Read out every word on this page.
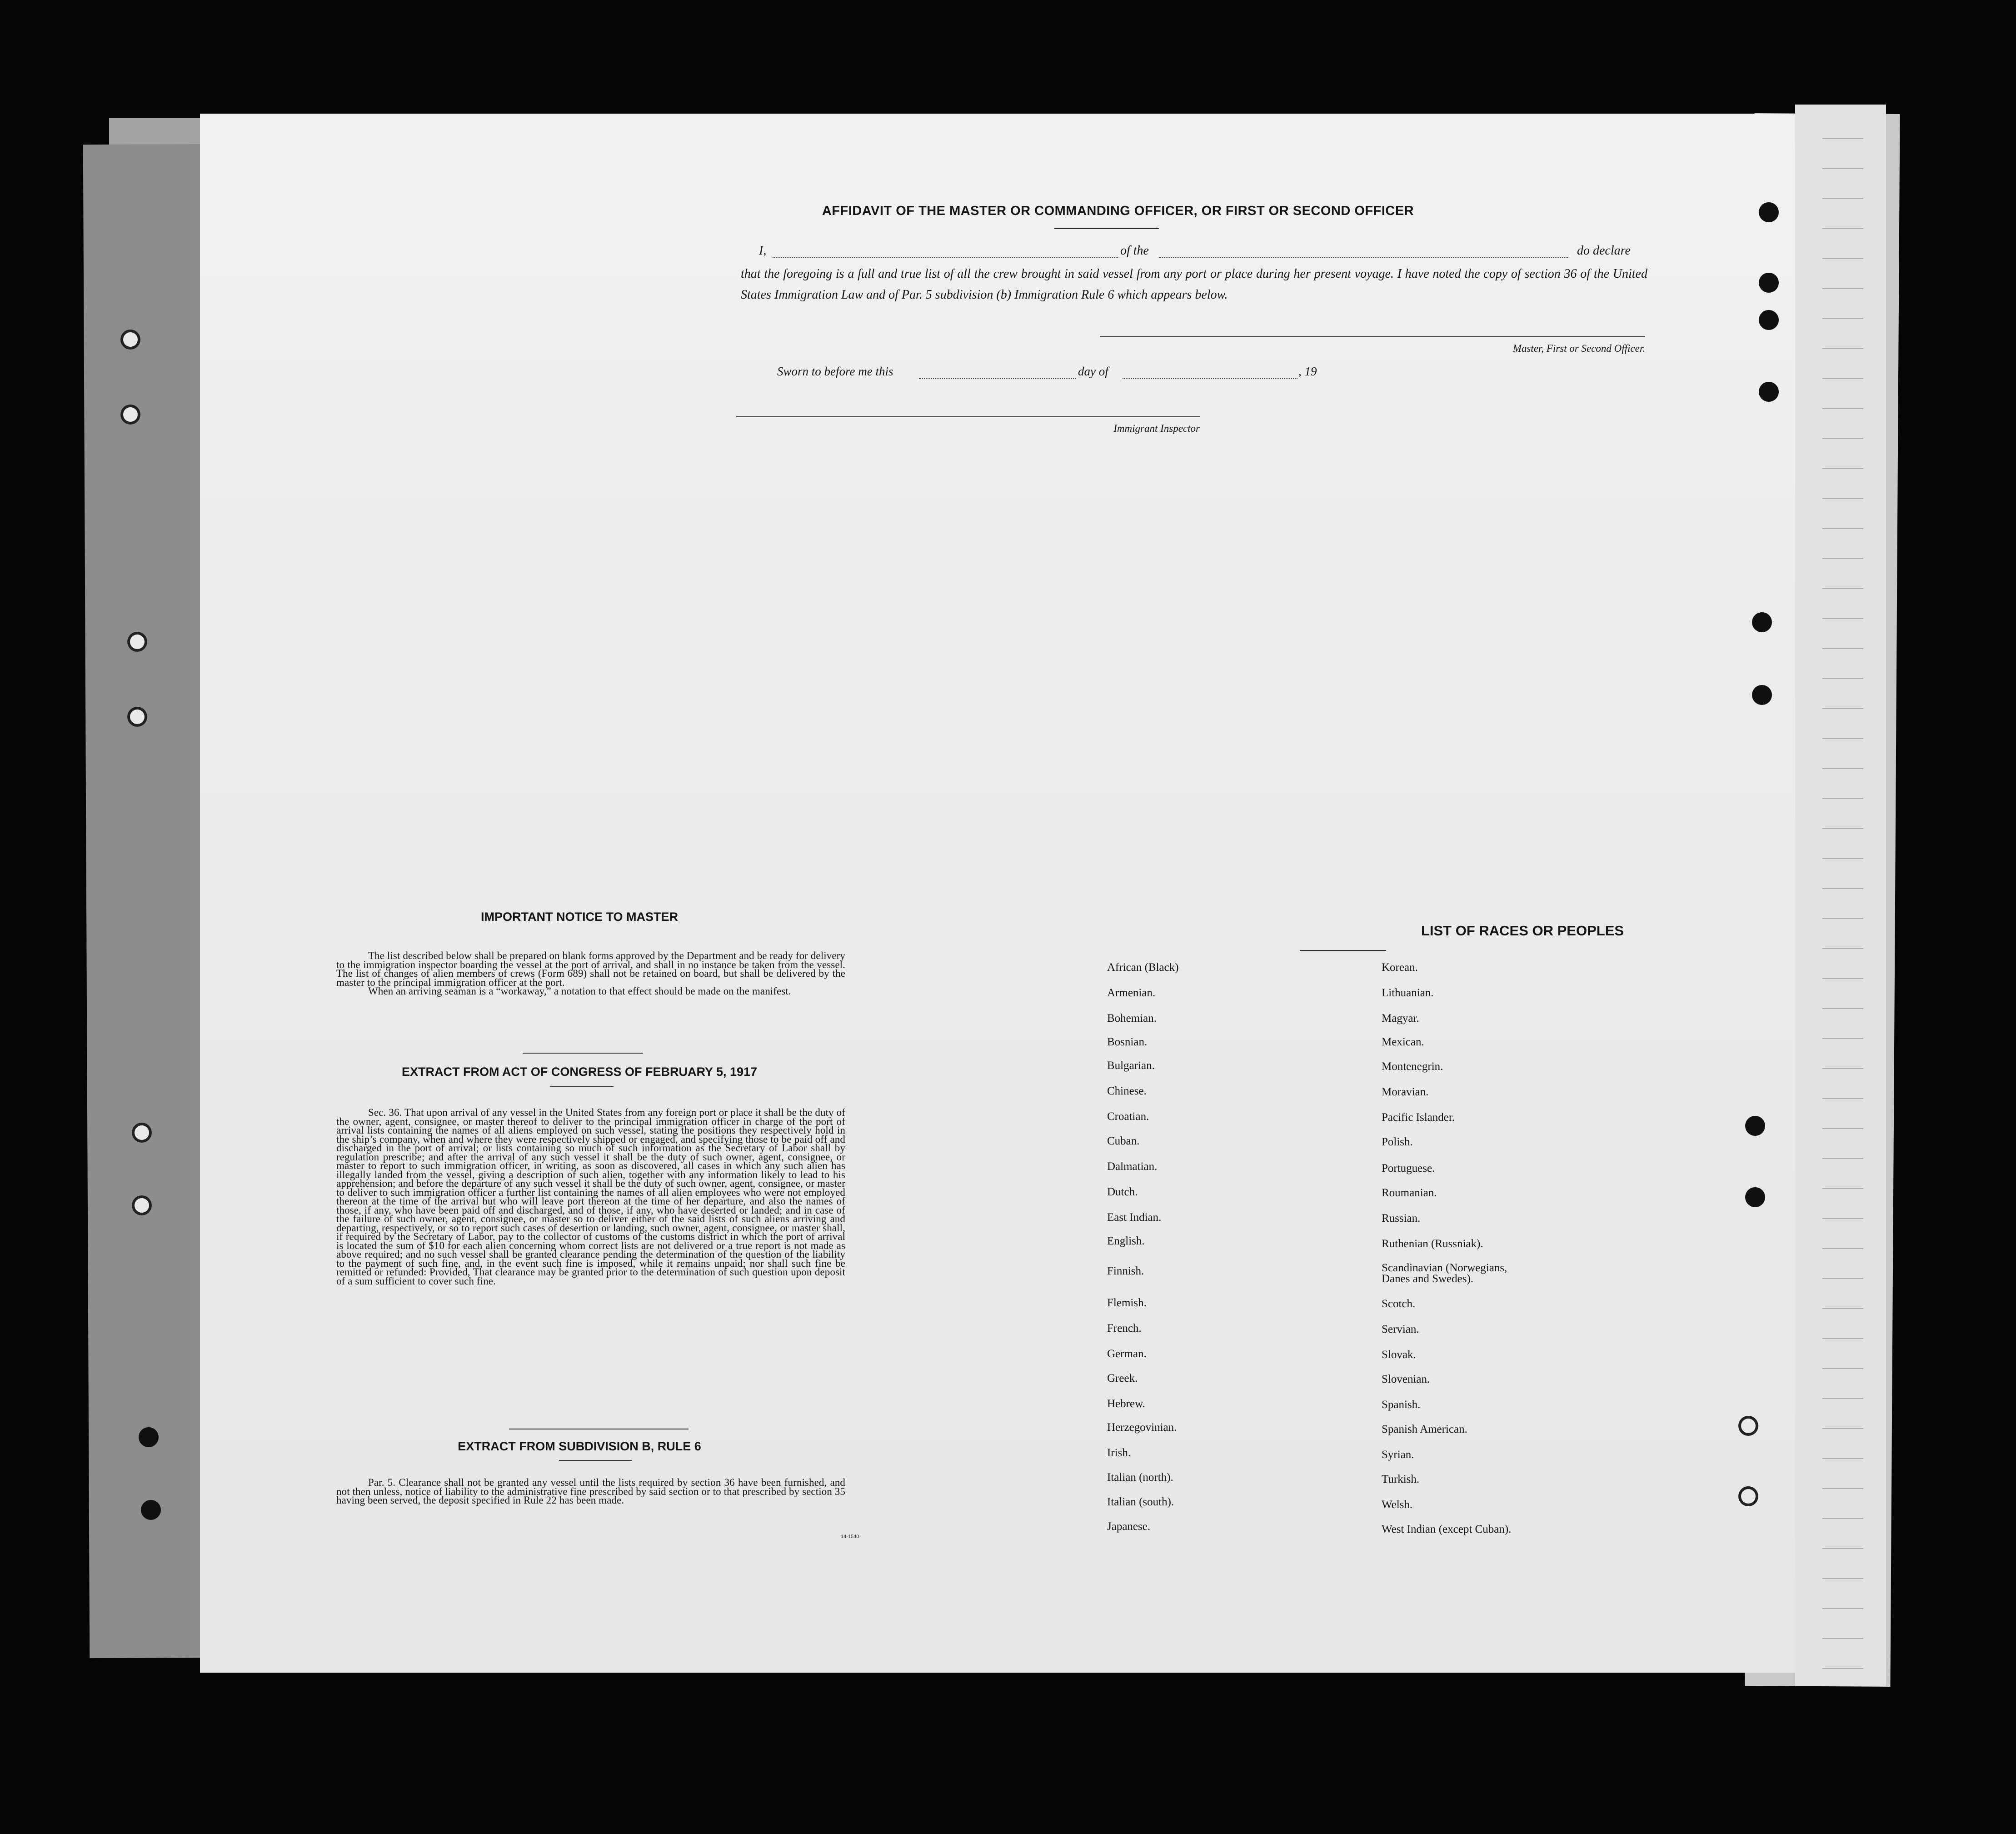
AFFIDAVIT OF THE MASTER OR COMMANDING OFFICER, OR FIRST OR SECOND OFFICER
I,	of the	do declare
that the foregoing is a full and true list of all the crew brought in said vessel from any port or place during her present voyage. I have noted the copy of section 36 of the United States Immigration Law and of Par. 5 subdivision (b) Immigration Rule 6 which appears below.
Master, First or Second Officer.
Sworn to before me this	day of	, 19
Immigrant Inspector
IMPORTANT NOTICE TO MASTER

The list described below shall be prepared on blank forms approved by the Department and be ready for delivery to the immigration inspector boarding the vessel at the port of arrival, and shall in no instance be taken from the vessel. The list of changes of alien members of crews (Form 689) shall not be retained on board, but shall be delivered by the master to the principal immigration officer at the port.

When an arriving seaman is a “workaway,” a notation to that effect should be made on the manifest.

EXTRACT FROM ACT OF CONGRESS OF FEBRUARY 5, 1917

Sec. 36. That upon arrival of any vessel in the United States from any foreign port or place it shall be the duty of the owner, agent, consignee, or master thereof to deliver to the principal immigration officer in charge of the port of arrival lists containing the names of all aliens employed on such vessel, stating the positions they respectively hold in the ship’s company, when and where they were respectively shipped or engaged, and specifying those to be paid off and discharged in the port of arrival; or lists containing so much of such information as the Secretary of Labor shall by regulation prescribe; and after the arrival of any such vessel it shall be the duty of such owner, agent, consignee, or master to report to such immigration officer, in writing, as soon as discovered, all cases in which any such alien has illegally landed from the vessel, giving a description of such alien, together with any information likely to lead to his apprehension; and before the departure of any such vessel it shall be the duty of such owner, agent, consignee, or master to deliver to such immigration officer a further list containing the names of all alien employees who were not employed thereon at the time of the arrival but who will leave port thereon at the time of her departure, and also the names of those, if any, who have been paid off and discharged, and of those, if any, who have deserted or landed; and in case of the failure of such owner, agent, consignee, or master so to deliver either of the said lists of such aliens arriving and departing, respectively, or so to report such cases of desertion or landing, such owner, agent, consignee, or master shall, if required by the Secretary of Labor, pay to the collector of customs of the customs district in which the port of arrival is located the sum of $10 for each alien concerning whom correct lists are not delivered or a true report is not made as above required; and no such vessel shall be granted clearance pending the determination of the question of the liability to the payment of such fine, and, in the event such fine is imposed, while it remains unpaid; nor shall such fine be remitted or refunded: Provided, That clearance may be granted prior to the determination of such question upon deposit of a sum sufficient to cover such fine.

EXTRACT FROM SUBDIVISION B, RULE 6

Par. 5. Clearance shall not be granted any vessel until the lists required by section 36 have been furnished, and not then unless, notice of liability to the administrative fine prescribed by said section or to that prescribed by section 35 having been served, the deposit specified in Rule 22 has been made.

14-1540
LIST OF RACES OR PEOPLES
African (Black)
Armenian.
Bohemian.
Bosnian.
Bulgarian.
Chinese.
Croatian.
Cuban.
Dalmatian.
Dutch.
East Indian.
English.
Finnish.
Flemish.
French.
German.
Greek.
Hebrew.
Herzegovinian.
Irish.
Italian (north).
Italian (south).
Japanese.
Korean.
Lithuanian.
Magyar.
Mexican.
Montenegrin.
Moravian.
Pacific Islander.
Polish.
Portuguese.
Roumanian.
Russian.
Ruthenian (Russniak).
Scandinavian (Norwegians, Danes and Swedes).
Scotch.
Servian.
Slovak.
Slovenian.
Spanish.
Spanish American.
Syrian.
Turkish.
Welsh.
West Indian (except Cuban).
